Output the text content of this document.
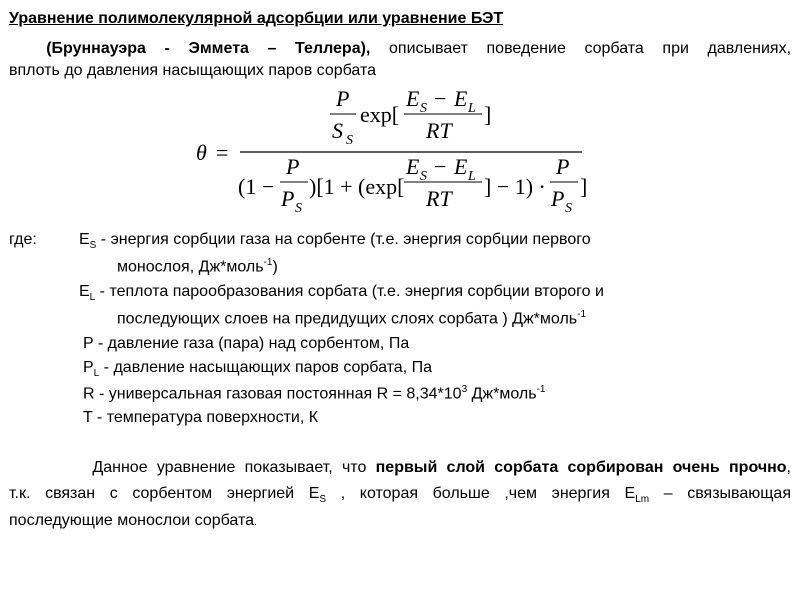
Уравнение полимолекулярной адсорбции или уравнение БЭТ
(Бруннауэра - Эммета – Теллера), описывает поведение сорбата при давлениях,
вплоть до давления насыщающих паров сорбата
θ =
P
S S
exp[
E S − E L
RT
]
(1 −
P
P S
)[1 + (exp[
E S − E L
RT ] − 1) ·
P
P S
]
где:	$E_S$ - энергия сорбции газа на сорбенте (т.е. энергия сорбции первого
монослоя, Дж*моль$^{-1}$)
$E_L$ - теплота парообразования сорбата (т.е. энергия сорбции второго и
последующих слоев на предидущих слоях сорбата ) Дж*моль$^{-1}$
P - давление газа (пара) над сорбентом, Па
$P_L$ - давление насыщающих паров сорбата, Па
R - универсальная газовая постоянная $R = 8,34*10^3$ Дж*моль$^{-1}$
T - температура поверхности, К
Данное уравнение показывает, что первый слой сорбата сорбирован очень прочно,
т.к. связан с сорбентом энергией $E_S$ , которая больше ,чем энергия $E_{Lm}$ – связывающая
последующие монослои сорбата.
